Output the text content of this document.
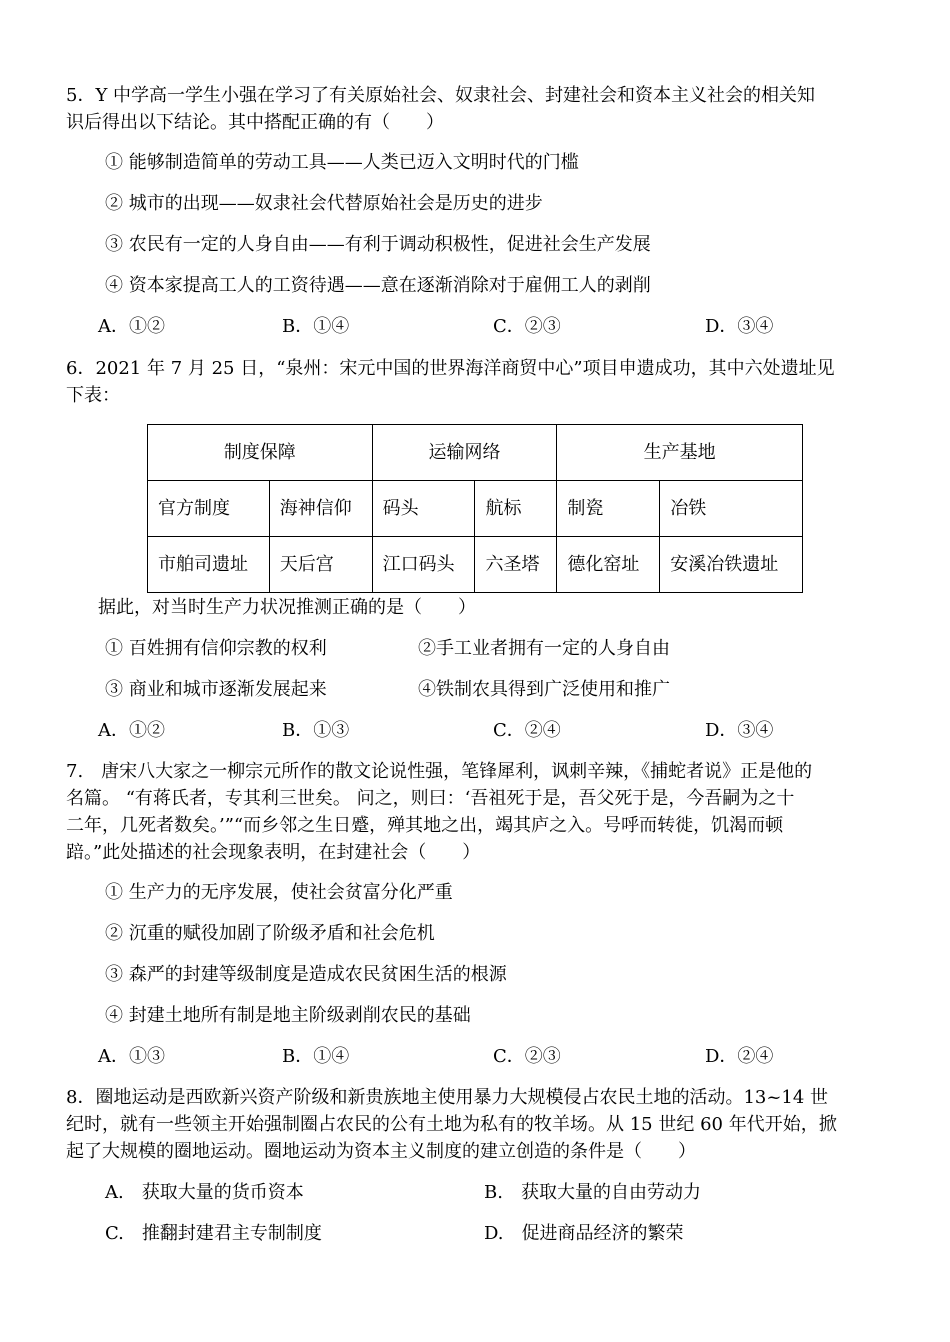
5．Y 中学高一学生小强在学习了有关原始社会、奴隶社会、封建社会和资本主义社会的相关知
识后得出以下结论。其中搭配正确的有（　　）
① 能够制造简单的劳动工具——人类已迈入文明时代的门槛
② 城市的出现——奴隶社会代替原始社会是历史的进步
③ 农民有一定的人身自由——有利于调动积极性，促进社会生产发展
④ 资本家提高工人的工资待遇——意在逐渐消除对于雇佣工人的剥削
A．①②	B．①④	C．②③	D．③④
6．2021 年 7 月 25 日，“泉州：宋元中国的世界海洋商贸中心”项目申遗成功，其中六处遗址见
下表：
制度保障		运输网络		生产基地	
官方制度	海神信仰	码头	航标	制瓷	冶铁
市舶司遗址	天后宫	江口码头	六圣塔	德化窑址	安溪冶铁遗址
据此，对当时生产力状况推测正确的是（　　）
① 百姓拥有信仰宗教的权利	②手工业者拥有一定的人身自由
③ 商业和城市逐渐发展起来	④铁制农具得到广泛使用和推广
A．①②	B．①③	C．②④	D．③④
7.　唐宋八大家之一柳宗元所作的散文论说性强，笔锋犀利，讽刺辛辣，《捕蛇者说》正是他的
名篇。 “有蒋氏者，专其利三世矣。 问之，则曰：‘吾祖死于是，吾父死于是，今吾嗣为之十
二年，几死者数矣。’”“而乡邻之生日蹙，殚其地之出，竭其庐之入。号呼而转徙，饥渴而顿
踣。”此处描述的社会现象表明，在封建社会（　　）
① 生产力的无序发展，使社会贫富分化严重
② 沉重的赋役加剧了阶级矛盾和社会危机
③ 森严的封建等级制度是造成农民贫困生活的根源
④ 封建土地所有制是地主阶级剥削农民的基础
A．①③	B．①④	C．②③	D．②④
8．圈地运动是西欧新兴资产阶级和新贵族地主使用暴力大规模侵占农民土地的活动。13~14 世
纪时，就有一些领主开始强制圈占农民的公有土地为私有的牧羊场。从 15 世纪 60 年代开始，掀
起了大规模的圈地运动。圈地运动为资本主义制度的建立创造的条件是（　　）
A.　获取大量的货币资本	B.　获取大量的自由劳动力
C.　推翻封建君主专制制度	D.　促进商品经济的繁荣
